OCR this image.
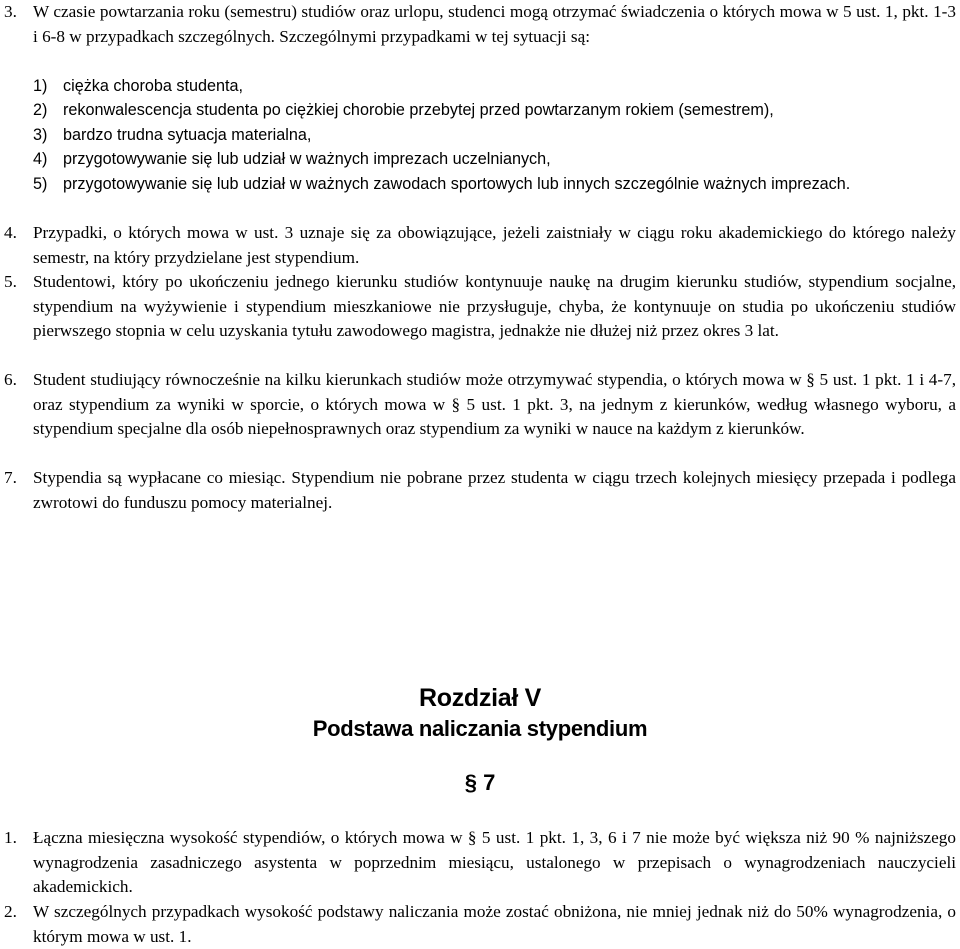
3. W czasie powtarzania roku (semestru) studiów oraz urlopu, studenci mogą otrzymać świadczenia o których mowa w 5 ust. 1, pkt. 1-3 i 6-8 w przypadkach szczególnych. Szczególnymi przypadkami w tej sytuacji są:
1) ciężka choroba studenta,
2) rekonwalescencja studenta po ciężkiej chorobie przebytej przed powtarzanym rokiem (semestrem),
3) bardzo trudna sytuacja materialna,
4) przygotowywanie się lub udział w ważnych imprezach uczelnianych,
5) przygotowywanie się lub udział w ważnych zawodach sportowych lub innych szczególnie ważnych imprezach.
4. Przypadki, o których mowa w ust. 3 uznaje się za obowiązujące, jeżeli zaistniały w ciągu roku akademickiego do którego należy semestr, na który przydzielane jest stypendium.
5. Studentowi, który po ukończeniu jednego kierunku studiów kontynuuje naukę na drugim kierunku studiów, stypendium socjalne, stypendium na wyżywienie i stypendium mieszkaniowe nie przysługuje, chyba, że kontynuuje on studia po ukończeniu studiów pierwszego stopnia w celu uzyskania tytułu zawodowego magistra, jednakże nie dłużej niż przez okres 3 lat.
6. Student studiujący równocześnie na kilku kierunkach studiów może otrzymywać stypendia, o których mowa w § 5 ust. 1 pkt. 1 i 4-7, oraz stypendium za wyniki w sporcie, o których mowa w § 5 ust. 1 pkt. 3, na jednym z kierunków, według własnego wyboru, a stypendium specjalne dla osób niepełnosprawnych oraz stypendium za wyniki w nauce na każdym z kierunków.
7. Stypendia są wypłacane co miesiąc. Stypendium nie pobrane przez studenta w ciągu trzech kolejnych miesięcy przepada i podlega zwrotowi do funduszu pomocy materialnej.
Rozdział V
Podstawa naliczania stypendium
§ 7
1. Łączna miesięczna wysokość stypendiów, o których mowa w § 5 ust. 1 pkt. 1, 3, 6 i 7 nie może być większa niż 90 % najniższego wynagrodzenia zasadniczego asystenta w poprzednim miesiącu, ustalonego w przepisach o wynagrodzeniach nauczycieli akademickich.
2. W szczególnych przypadkach wysokość podstawy naliczania może zostać obniżona, nie mniej jednak niż do 50% wynagrodzenia, o którym mowa w ust. 1.
